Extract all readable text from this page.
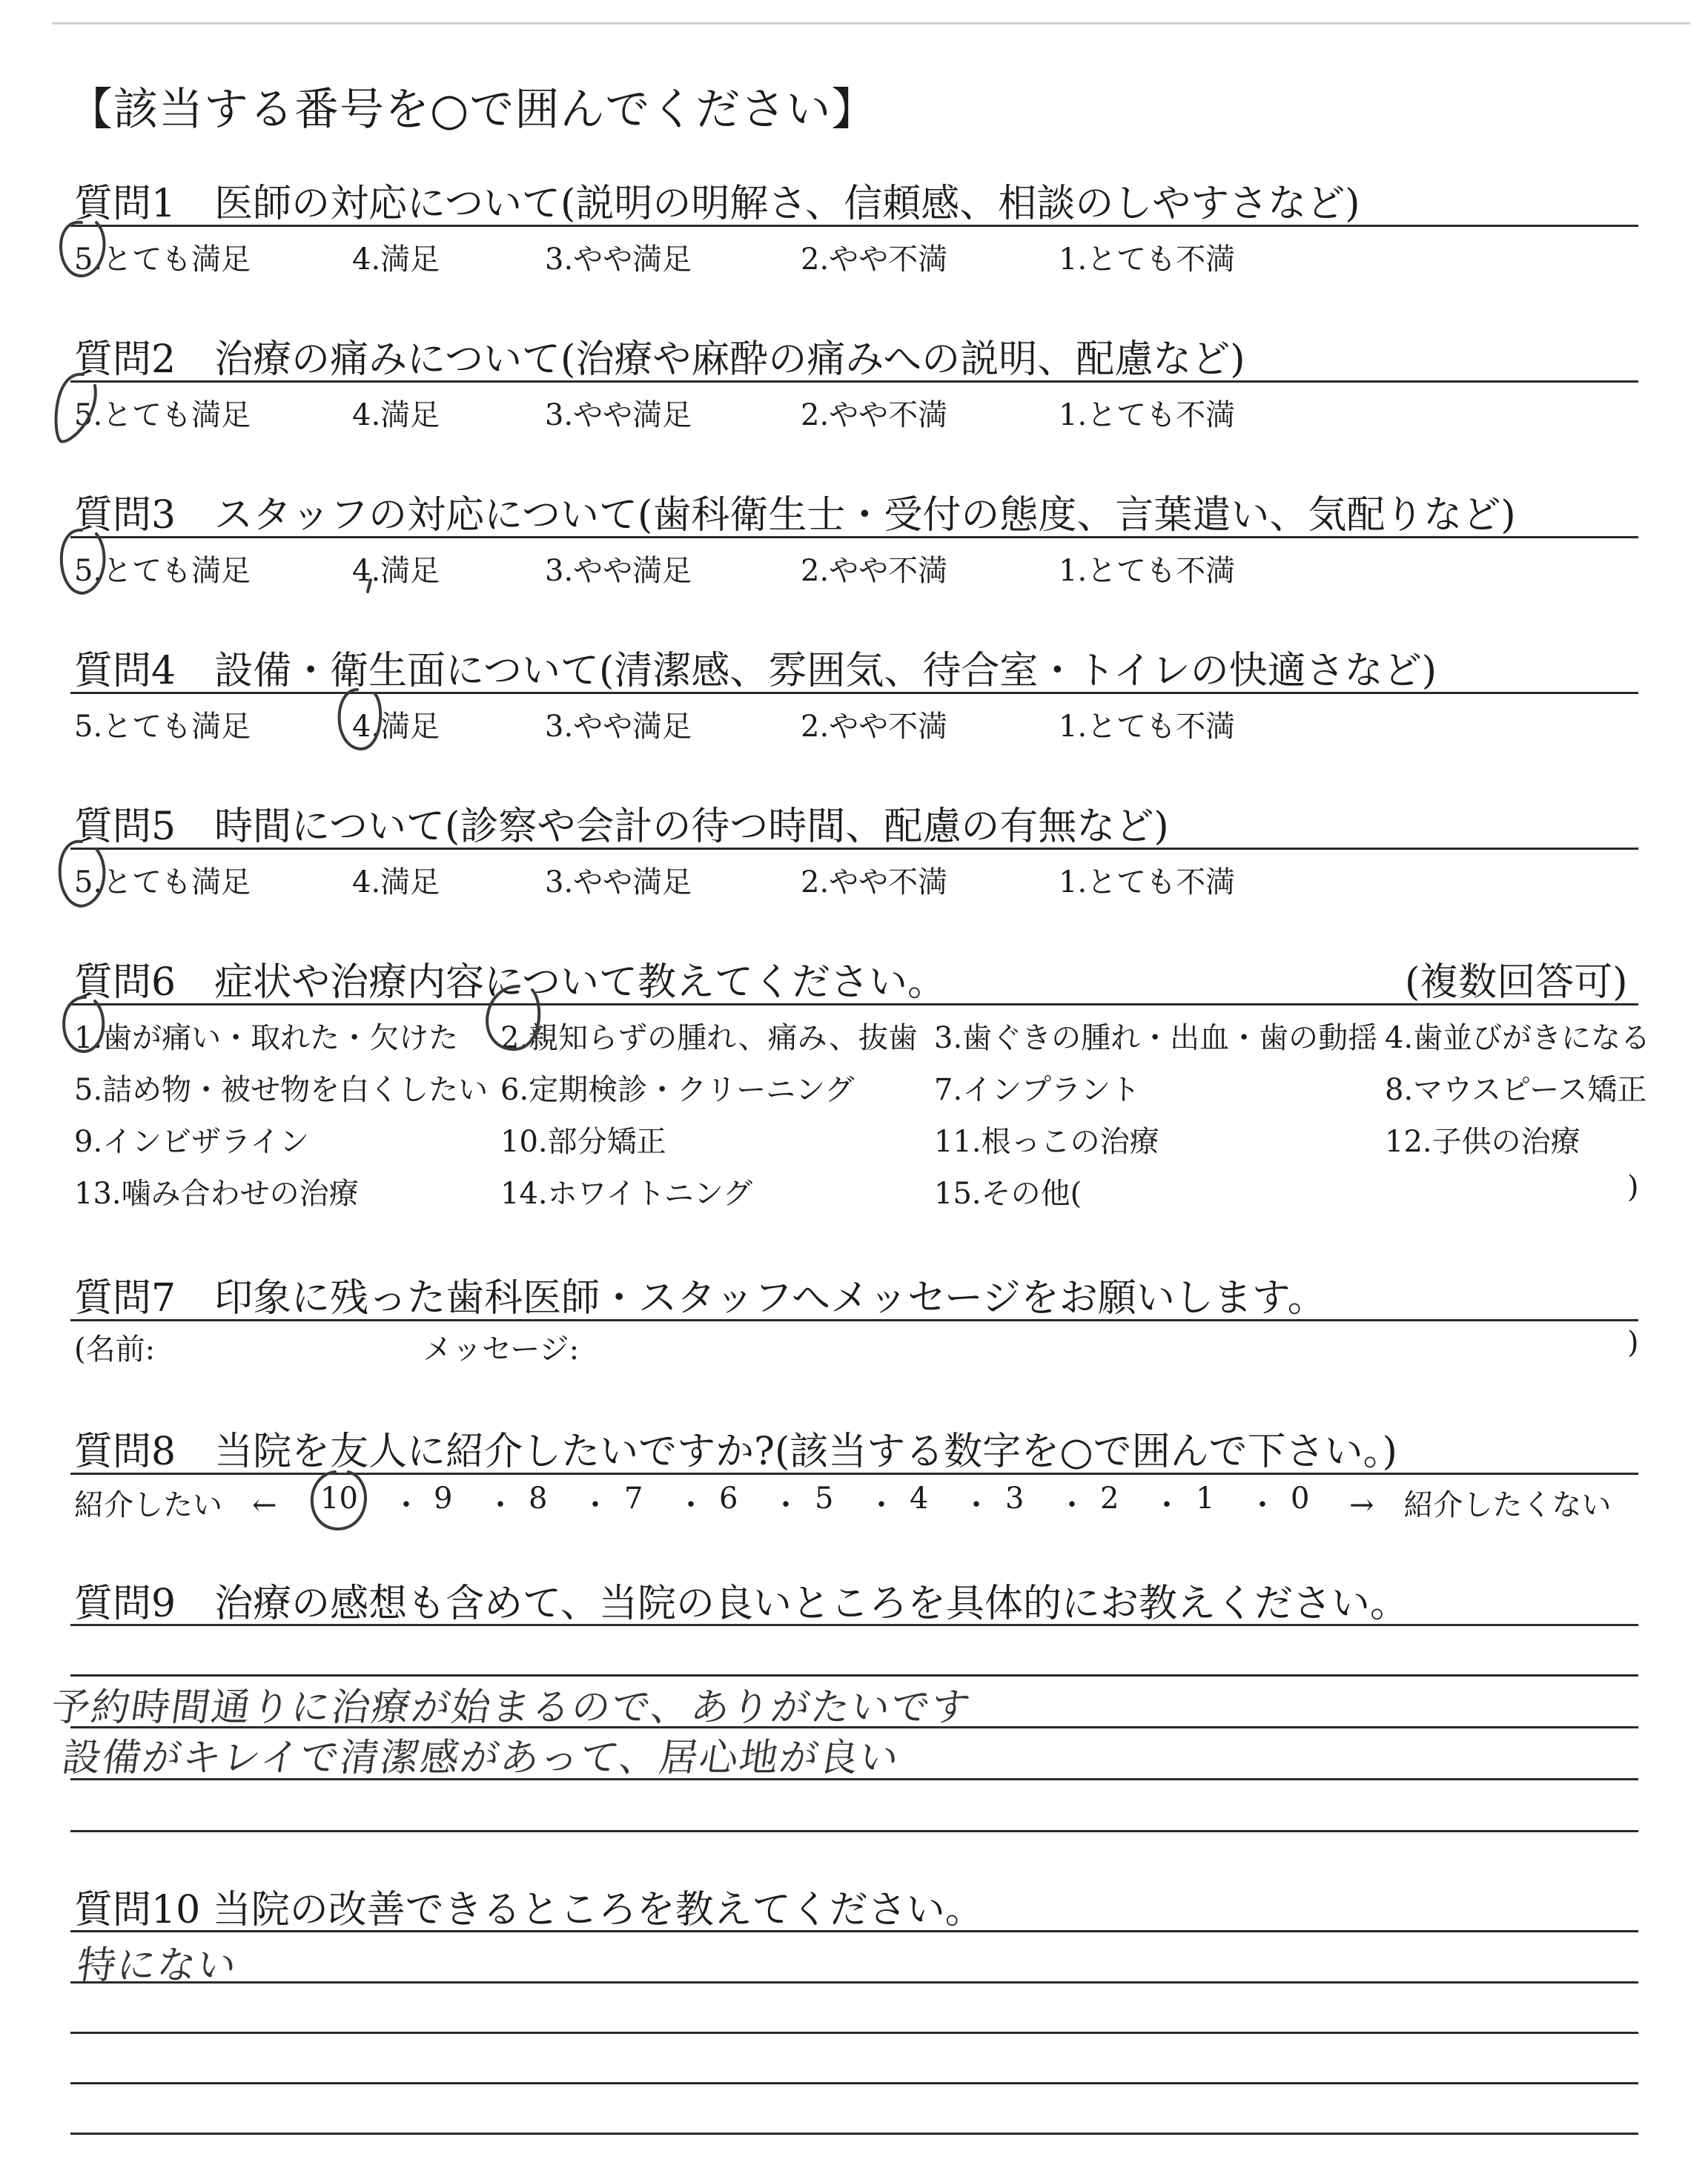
【該当する番号を○で囲んでください】
質問1　医師の対応について(説明の明解さ、信頼感、相談のしやすさなど)
5.とても満足	4.満足	3.やや満足	2.やや不満	1.とても不満
質問2　治療の痛みについて(治療や麻酔の痛みへの説明、配慮など)
5.とても満足	4.満足	3.やや満足	2.やや不満	1.とても不満
質問3　スタッフの対応について(歯科衛生士・受付の態度、言葉遣い、気配りなど)
5.とても満足	4.満足	3.やや満足	2.やや不満	1.とても不満
質問4　設備・衛生面について(清潔感、雰囲気、待合室・トイレの快適さなど)
5.とても満足	4.満足	3.やや満足	2.やや不満	1.とても不満
質問5　時間について(診察や会計の待つ時間、配慮の有無など)
5.とても満足	4.満足	3.やや満足	2.やや不満	1.とても不満
質問6　症状や治療内容について教えてください。	(複数回答可)
1.歯が痛い・取れた・欠けた 2.親知らずの腫れ、痛み、抜歯 3.歯ぐきの腫れ・出血・歯の動揺 4.歯並びがきになる
5.詰め物・被せ物を白くしたい 6.定期検診・クリーニング	7.インプラント	8.マウスピース矯正
9.インビザライン	10.部分矯正	11.根っこの治療	12.子供の治療
13.噛み合わせの治療	14.ホワイトニング	15.その他(	)
質問7　印象に残った歯科医師・スタッフへメッセージをお願いします。
(名前:	メッセージ:	)
質問8　当院を友人に紹介したいですか?(該当する数字を○で囲んで下さい。)
紹介したい　←	→　紹介したくない
10 ・ 9 ・ 8 ・ 7 ・ 6 ・ 5 ・ 4 ・ 3 ・ 2 ・ 1 ・ 0
質問9　治療の感想も含めて、当院の良いところを具体的にお教えください。
予約時間通りに治療が始まるので、ありがたいです
設備がキレイで清潔感があって、居心地が良い
質問10 当院の改善できるところを教えてください。
特にない
